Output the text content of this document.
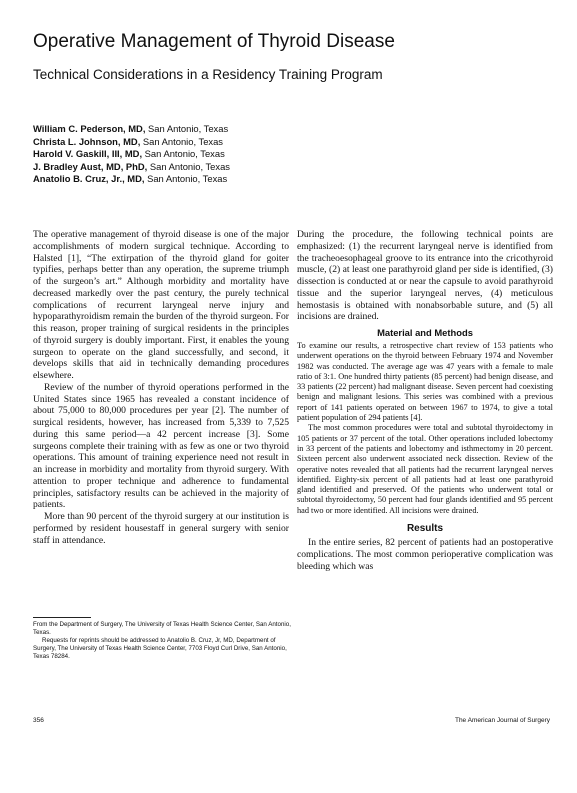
Operative Management of Thyroid Disease
Technical Considerations in a Residency Training Program
William C. Pederson, MD, San Antonio, Texas
Christa L. Johnson, MD, San Antonio, Texas
Harold V. Gaskill, III, MD, San Antonio, Texas
J. Bradley Aust, MD, PhD, San Antonio, Texas
Anatolio B. Cruz, Jr., MD, San Antonio, Texas

The operative management of thyroid disease is one of the major accomplishments of modern surgical technique. According to Halsted [1], “The extirpation of the thyroid gland for goiter typifies, perhaps better than any operation, the supreme triumph of the surgeon’s art.” Although morbidity and mortality have decreased markedly over the past century, the purely technical complications of recurrent laryngeal nerve injury and hypoparathyroidism remain the burden of the thyroid surgeon. For this reason, proper training of surgical residents in the principles of thyroid surgery is doubly important. First, it enables the young surgeon to operate on the gland successfully, and second, it develops skills that aid in technically demanding procedures elsewhere.

Review of the number of thyroid operations performed in the United States since 1965 has revealed a constant incidence of about 75,000 to 80,000 procedures per year [2]. The number of surgical residents, however, has increased from 5,339 to 7,525 during this same period—a 42 percent increase [3]. Some surgeons complete their training with as few as one or two thyroid operations. This amount of training experience need not result in an increase in morbidity and mortality from thyroid surgery. With attention to proper technique and adherence to fundamental principles, satisfactory results can be achieved in the majority of patients.

More than 90 percent of the thyroid surgery at our institution is performed by resident housestaff in general surgery with senior staff in attendance.

During the procedure, the following technical points are emphasized: (1) the recurrent laryngeal nerve is identified from the tracheoesophageal groove to its entrance into the cricothyroid muscle, (2) at least one parathyroid gland per side is identified, (3) dissection is conducted at or near the capsule to avoid parathyroid tissue and the superior laryngeal nerves, (4) meticulous hemostasis is obtained with nonabsorbable suture, and (5) all incisions are drained.

Material and Methods

To examine our results, a retrospective chart review of 153 patients who underwent operations on the thyroid between February 1974 and November 1982 was conducted. The average age was 47 years with a female to male ratio of 3:1. One hundred thirty patients (85 percent) had benign disease, and 33 patients (22 percent) had malignant disease. Seven percent had coexisting benign and malignant lesions. This series was combined with a previous report of 141 patients operated on between 1967 to 1974, to give a total patient population of 294 patients [4].

The most common procedures were total and subtotal thyroidectomy in 105 patients or 37 percent of the total. Other operations included lobectomy in 33 percent of the patients and lobectomy and isthmectomy in 20 percent. Sixteen percent also underwent associated neck dissection. Review of the operative notes revealed that all patients had the recurrent laryngeal nerves identified. Eighty-six percent of all patients had at least one parathyroid gland identified and preserved. Of the patients who underwent total or subtotal thyroidectomy, 50 percent had four glands identified and 95 percent had two or more identified. All incisions were drained.

Results

In the entire series, 82 percent of patients had an postoperative complications. The most common perioperative complication was bleeding which was

From the Department of Surgery, The University of Texas Health Science Center, San Antonio, Texas.

Requests for reprints should be addressed to Anatolio B. Cruz, Jr, MD, Department of Surgery, The University of Texas Health Science Center, 7703 Floyd Curl Drive, San Antonio, Texas 78284.

356	The American Journal of Surgery
